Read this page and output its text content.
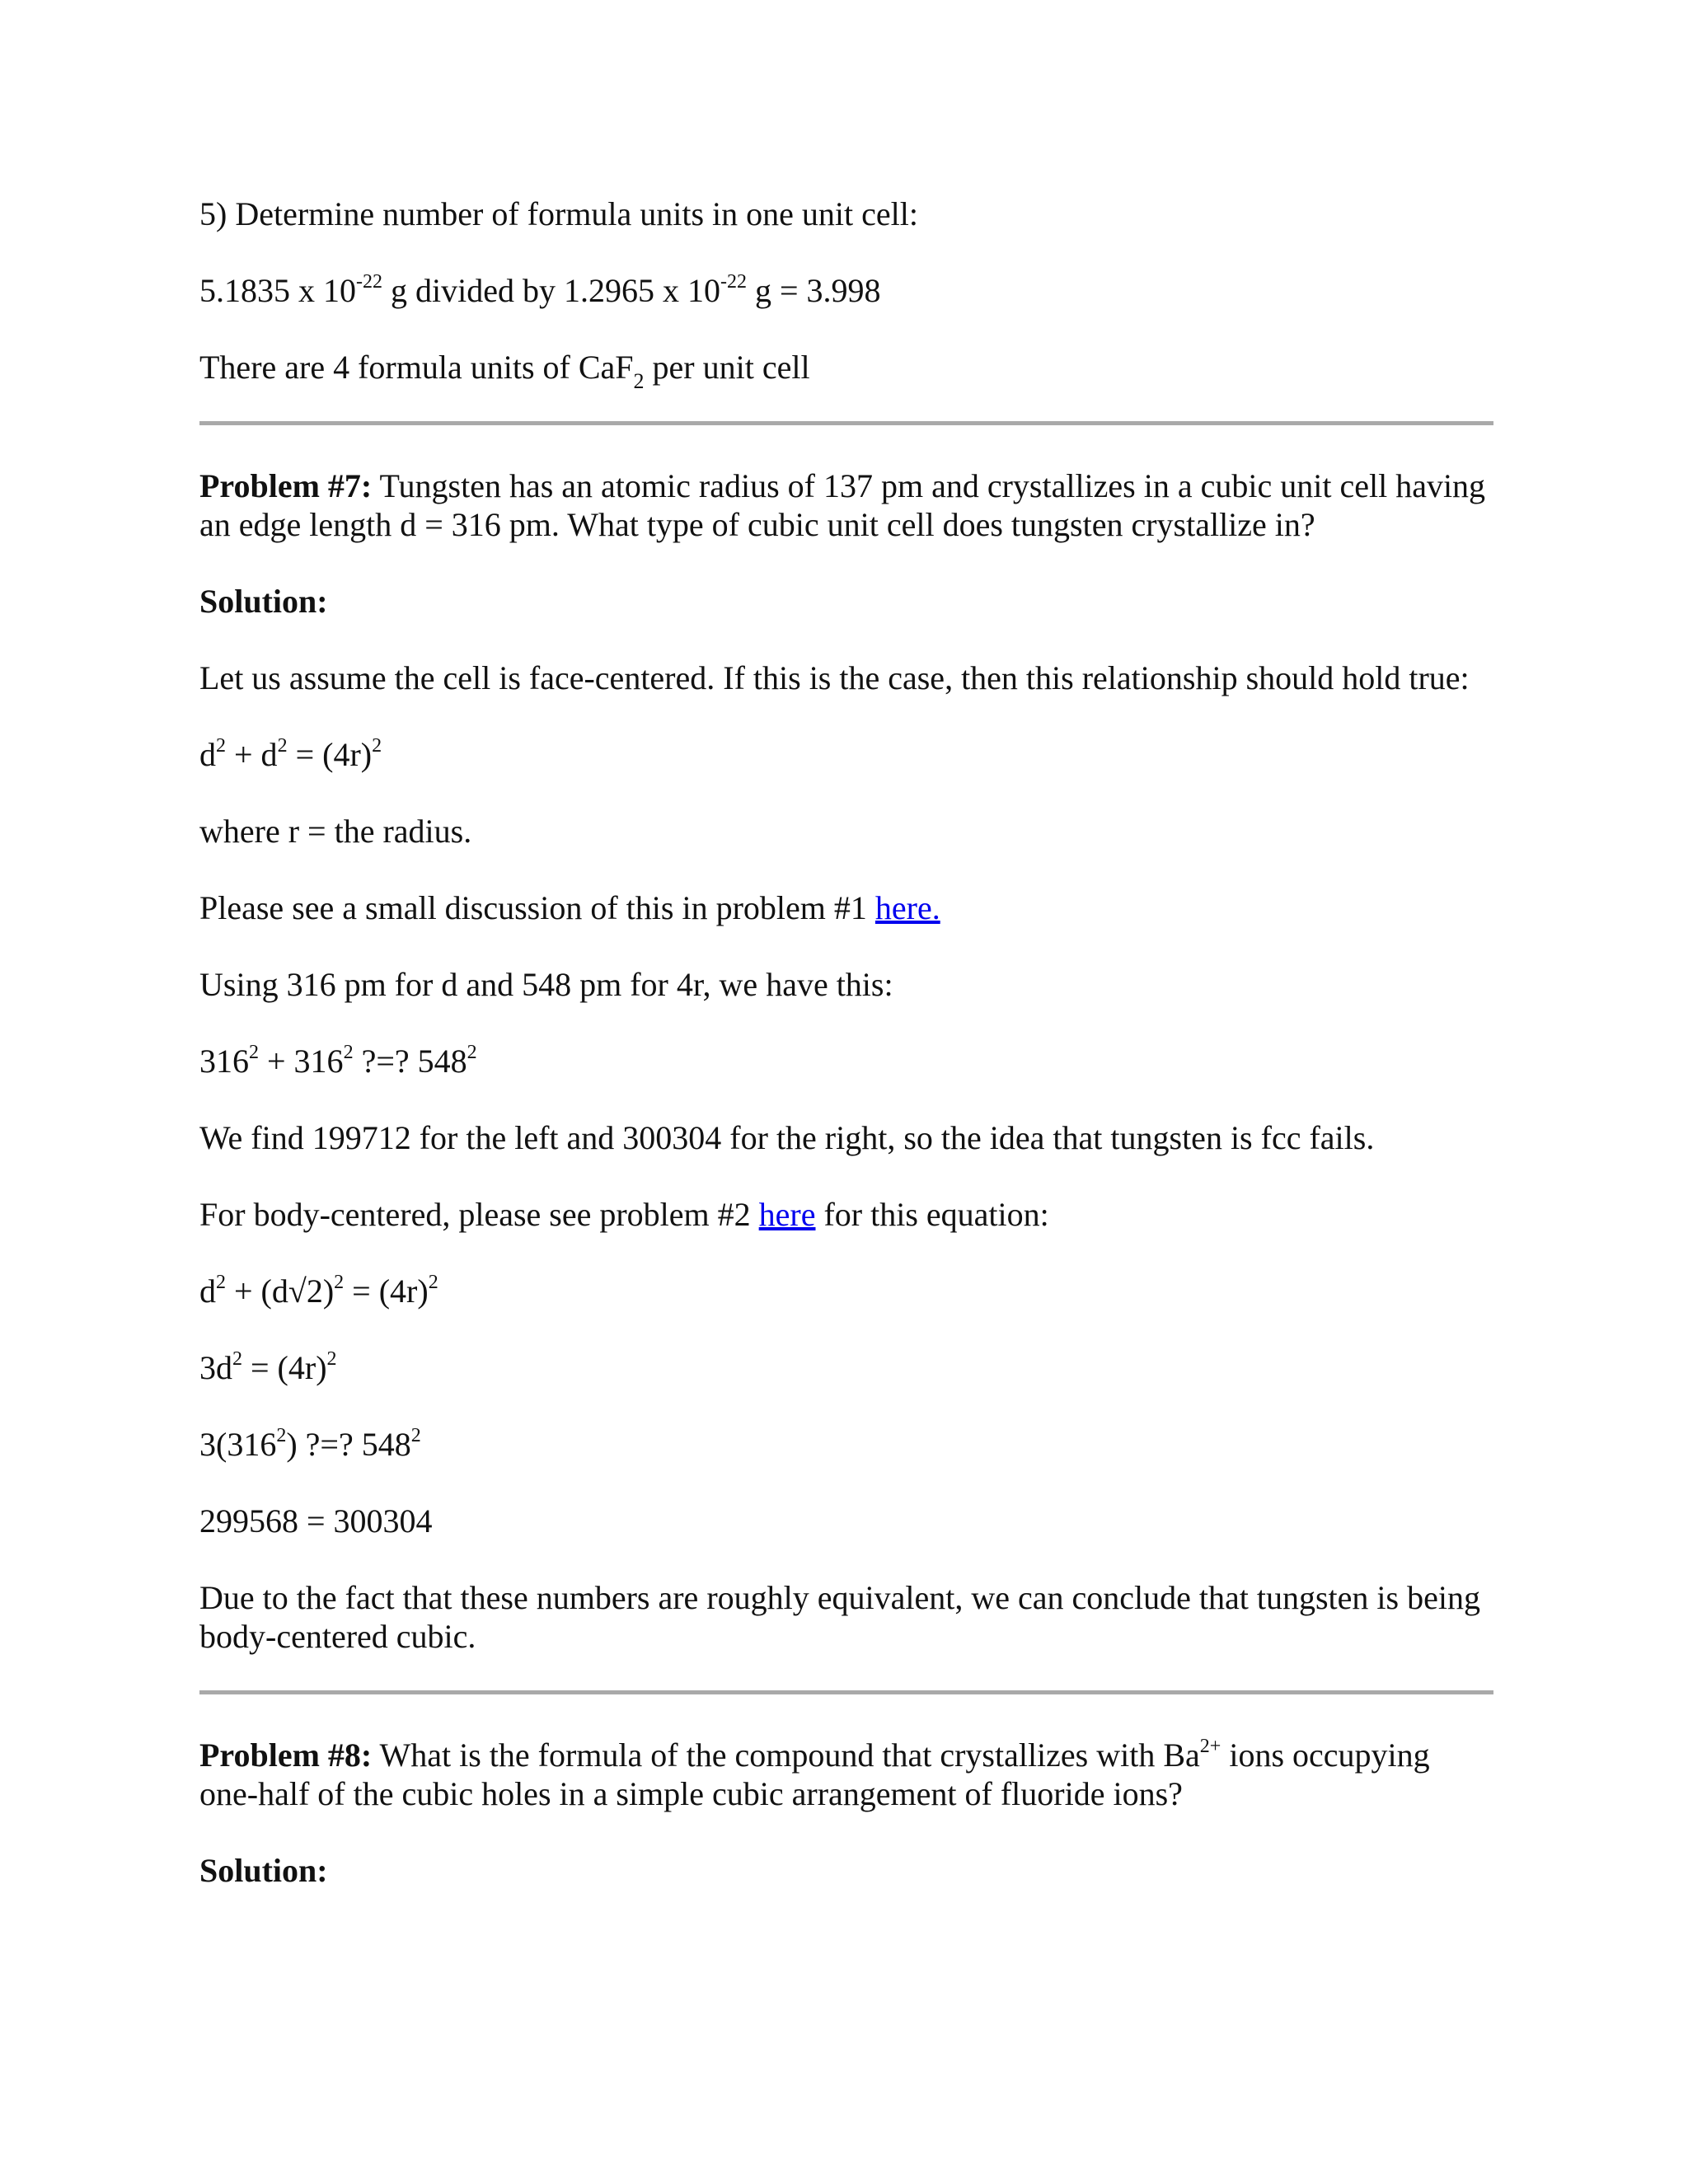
5) Determine number of formula units in one unit cell:

5.1835 x $10^{-22}$ g divided by 1.2965 x $10^{-22}$ g = 3.998

There are 4 formula units of CaF$_2$ per unit cell

Problem #7: Tungsten has an atomic radius of 137 pm and crystallizes in a cubic unit cell having an edge length d = 316 pm. What type of cubic unit cell does tungsten crystallize in?

Solution:

Let us assume the cell is face-centered. If this is the case, then this relationship should hold true:

$d^2 + d^2 = (4r)^2$

where r = the radius.

Please see a small discussion of this in problem #1 here.

Using 316 pm for d and 548 pm for 4r, we have this:

$316^2 + 316^2$ ?=? $548^2$

We find 199712 for the left and 300304 for the right, so the idea that tungsten is fcc fails.

For body-centered, please see problem #2 here for this equation:

$d^2 + (d√2)^2 = (4r)^2$

$3d^2 = (4r)^2$

$3(316^2)$ ?=? $548^2$

299568 = 300304

Due to the fact that these numbers are roughly equivalent, we can conclude that tungsten is being body-centered cubic.

Problem #8: What is the formula of the compound that crystallizes with $Ba^{2+}$ ions occupying one-half of the cubic holes in a simple cubic arrangement of fluoride ions?

Solution:
